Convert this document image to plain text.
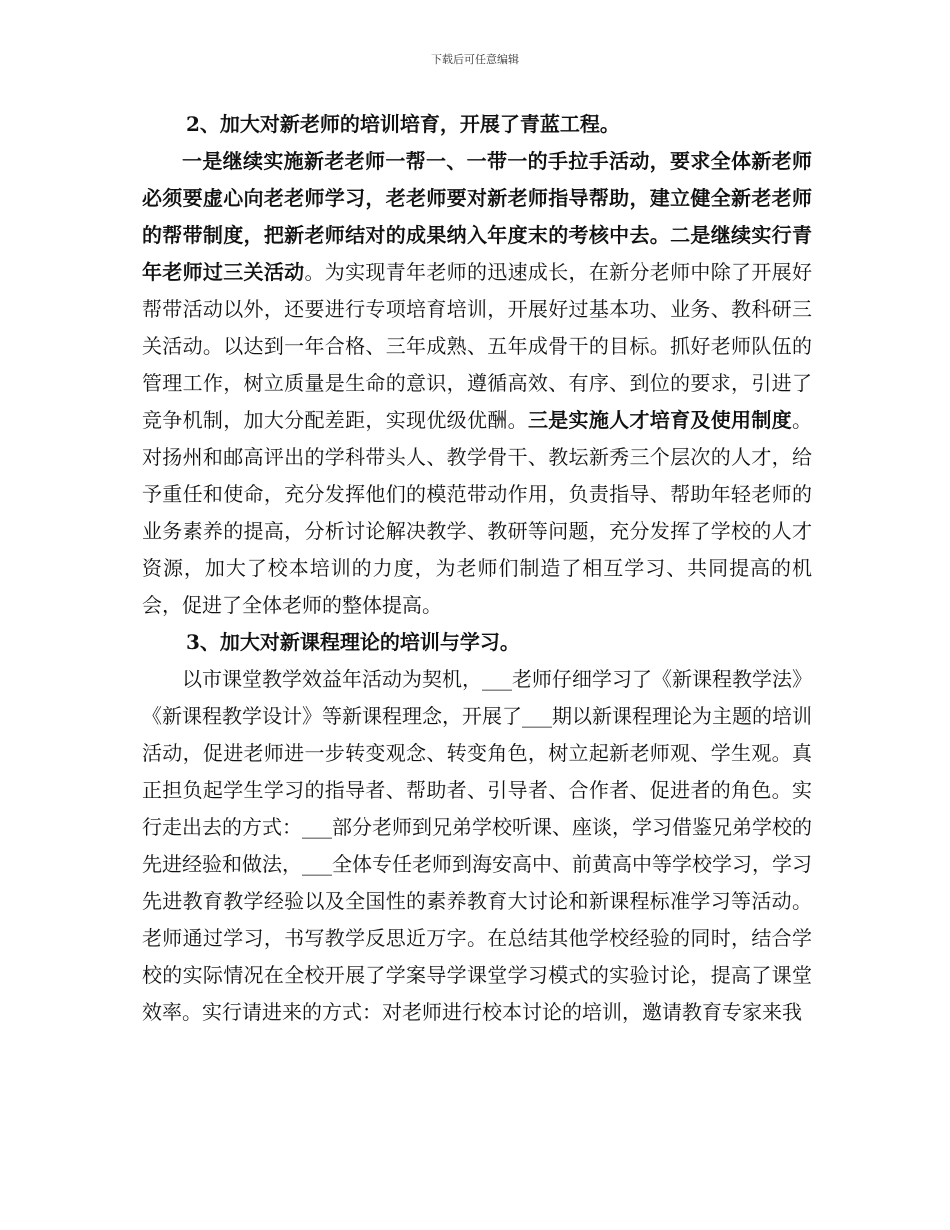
下载后可任意编辑

2、加大对新老师的培训培育，开展了青蓝工程。

一是继续实施新老老师一帮一、一带一的手拉手活动，要求全体新老师必须要虚心向老老师学习，老老师要对新老师指导帮助，建立健全新老老师的帮带制度，把新老师结对的成果纳入年度末的考核中去。二是继续实行青年老师过三关活动。为实现青年老师的迅速成长，在新分老师中除了开展好帮带活动以外，还要进行专项培育培训，开展好过基本功、业务、教科研三关活动。以达到一年合格、三年成熟、五年成骨干的目标。抓好老师队伍的管理工作，树立质量是生命的意识，遵循高效、有序、到位的要求，引进了竞争机制，加大分配差距，实现优级优酬。三是实施人才培育及使用制度。对扬州和邮高评出的学科带头人、教学骨干、教坛新秀三个层次的人才，给予重任和使命，充分发挥他们的模范带动作用，负责指导、帮助年轻老师的业务素养的提高，分析讨论解决教学、教研等问题，充分发挥了学校的人才资源，加大了校本培训的力度，为老师们制造了相互学习、共同提高的机会，促进了全体老师的整体提高。

3、加大对新课程理论的培训与学习。

以市课堂教学效益年活动为契机，___老师仔细学习了《新课程教学法》《新课程教学设计》等新课程理念，开展了___期以新课程理论为主题的培训活动，促进老师进一步转变观念、转变角色，树立起新老师观、学生观。真正担负起学生学习的指导者、帮助者、引导者、合作者、促进者的角色。实行走出去的方式：___部分老师到兄弟学校听课、座谈，学习借鉴兄弟学校的先进经验和做法，___全体专任老师到海安高中、前黄高中等学校学习，学习先进教育教学经验以及全国性的素养教育大讨论和新课程标准学习等活动。老师通过学习，书写教学反思近万字。在总结其他学校经验的同时，结合学校的实际情况在全校开展了学案导学课堂学习模式的实验讨论，提高了课堂效率。实行请进来的方式：对老师进行校本讨论的培训，邀请教育专家来我
